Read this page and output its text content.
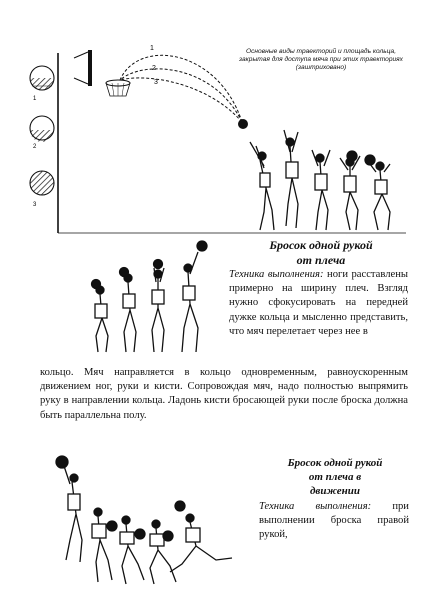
1
2
3
1
2
3
Основные виды траекторий и площадь кольца, закрытая для доступа мяча при этих траекториях (заштриховано)
Бросок одной рукой
от плеча
Техника выполнения: ноги расставлены примерно на ширину плеч. Взгляд нужно сфокусировать на передней дужке кольца и мысленно представить, что мяч перелетает через нее в
кольцо. Мяч направляется в кольцо одновременным, равноускоренным движением ног, руки и кисти. Сопровождая мяч, надо полностью выпрямить руку в направлении кольца. Ладонь кисти бросающей руки после броска должна быть параллельна полу.
Бросок одной рукой
от плеча в
движении
Техника выполнения: при выполнении броска правой рукой,
